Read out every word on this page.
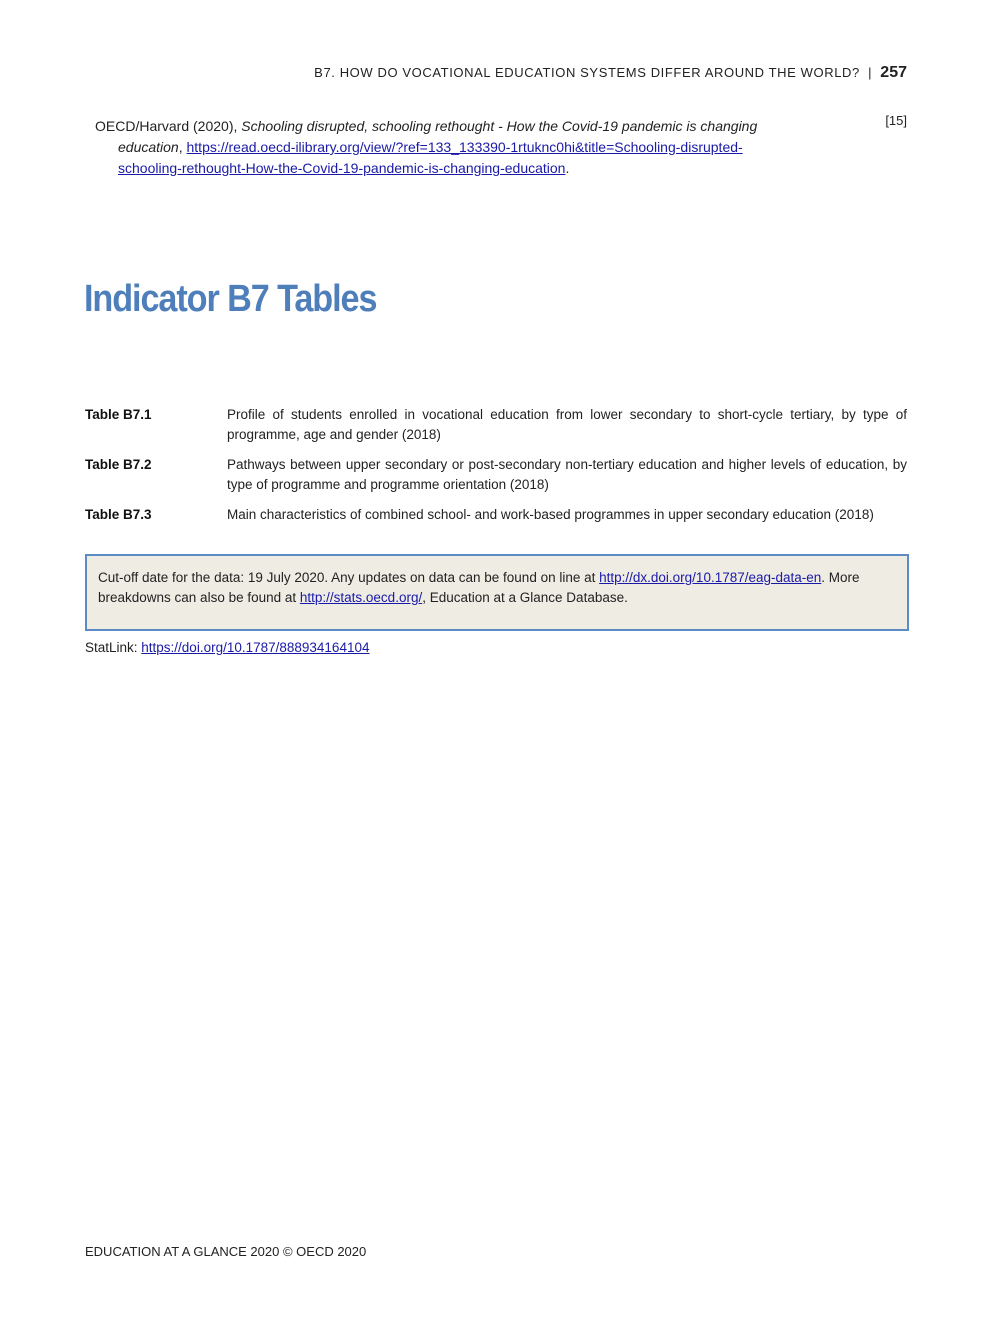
B7. HOW DO VOCATIONAL EDUCATION SYSTEMS DIFFER AROUND THE WORLD? | 257
OECD/Harvard (2020), Schooling disrupted, schooling rethought - How the Covid-19 pandemic is changing
education, https://read.oecd-ilibrary.org/view/?ref=133_133390-1rtuknc0hi&title=Schooling-disrupted-
schooling-rethought-How-the-Covid-19-pandemic-is-changing-education.
[15]
Indicator B7 Tables
Table B7.1	Profile of students enrolled in vocational education from lower secondary to short-cycle tertiary, by type of programme, age and gender (2018)
Table B7.2	Pathways between upper secondary or post-secondary non-tertiary education and higher levels of education, by type of programme and programme orientation (2018)
Table B7.3	Main characteristics of combined school- and work-based programmes in upper secondary education (2018)
Cut-off date for the data: 19 July 2020. Any updates on data can be found on line at http://dx.doi.org/10.1787/eag-data-en. More breakdowns can also be found at http://stats.oecd.org/, Education at a Glance Database.
StatLink: https://doi.org/10.1787/888934164104
EDUCATION AT A GLANCE 2020 © OECD 2020
